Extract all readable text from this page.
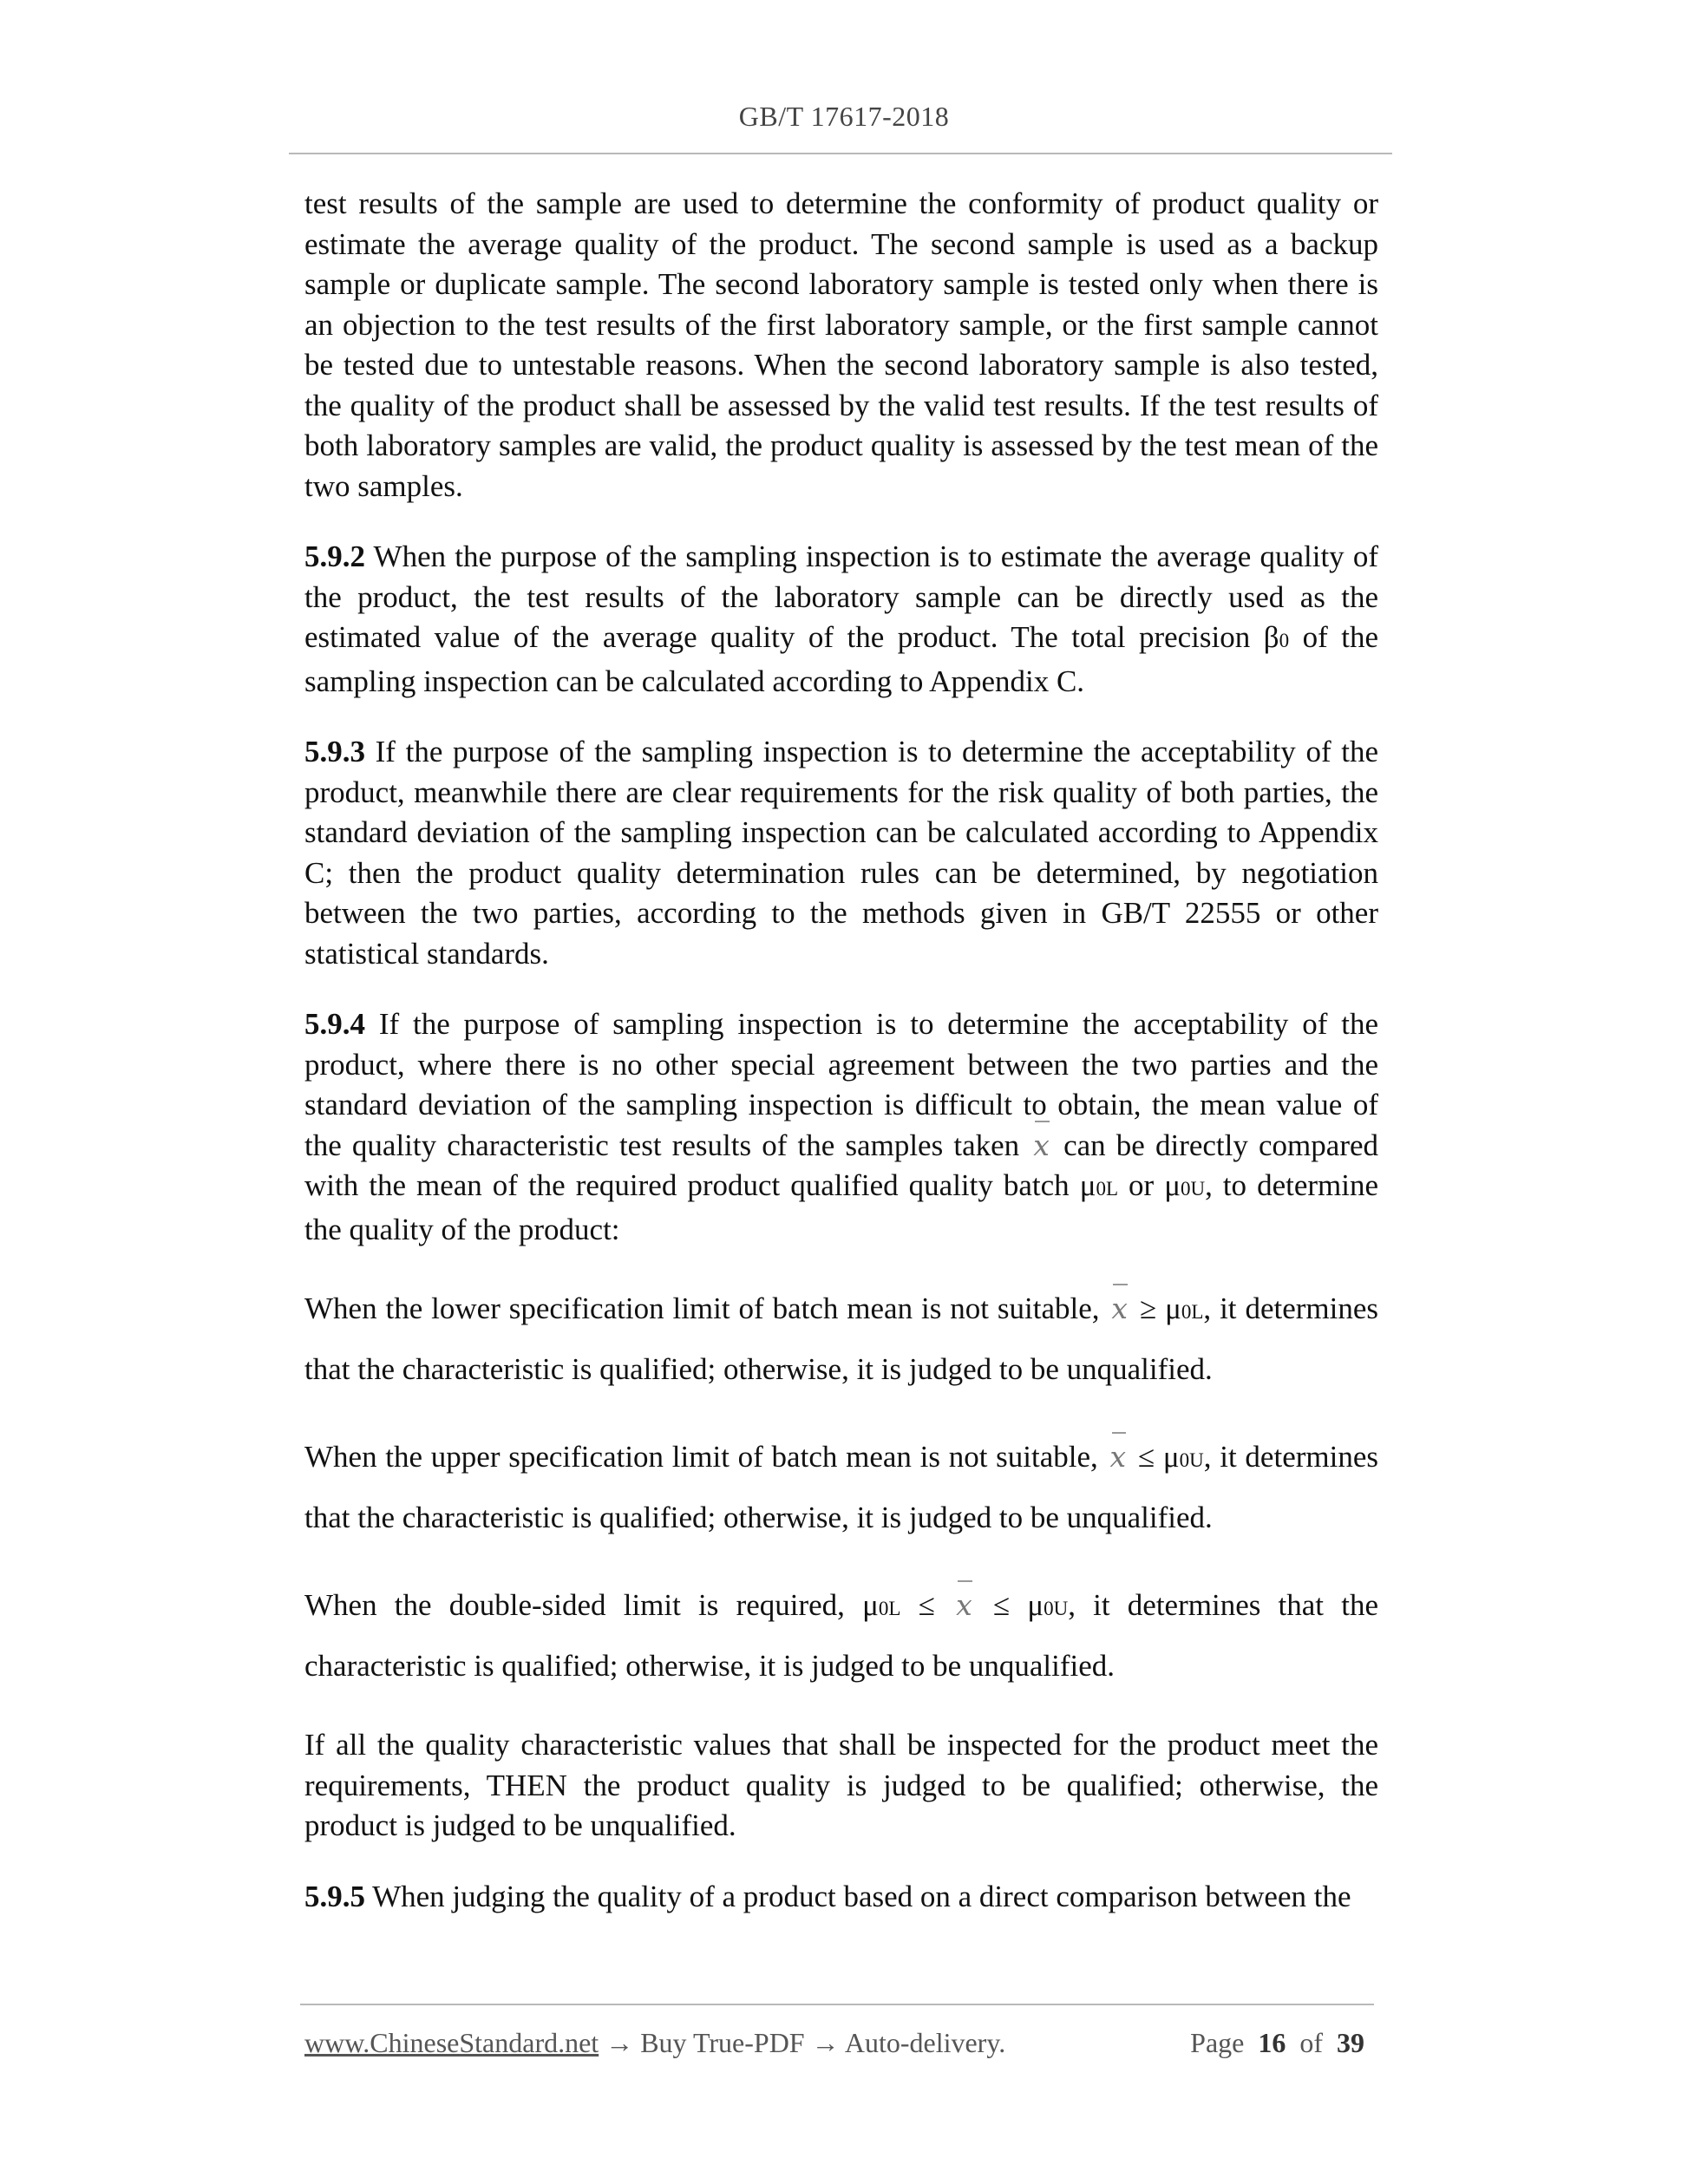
GB/T 17617-2018

test results of the sample are used to determine the conformity of product quality or estimate the average quality of the product. The second sample is used as a backup sample or duplicate sample. The second laboratory sample is tested only when there is an objection to the test results of the first laboratory sample, or the first sample cannot be tested due to untestable reasons. When the second laboratory sample is also tested, the quality of the product shall be assessed by the valid test results. If the test results of both laboratory samples are valid, the product quality is assessed by the test mean of the two samples.

5.9.2 When the purpose of the sampling inspection is to estimate the average quality of the product, the test results of the laboratory sample can be directly used as the estimated value of the average quality of the product. The total precision β0 of the sampling inspection can be calculated according to Appendix C.

5.9.3 If the purpose of the sampling inspection is to determine the acceptability of the product, meanwhile there are clear requirements for the risk quality of both parties, the standard deviation of the sampling inspection can be calculated according to Appendix C; then the product quality determination rules can be determined, by negotiation between the two parties, according to the methods given in GB/T 22555 or other statistical standards.

5.9.4 If the purpose of sampling inspection is to determine the acceptability of the product, where there is no other special agreement between the two parties and the standard deviation of the sampling inspection is difficult to obtain, the mean value of the quality characteristic test results of the samples taken x can be directly compared with the mean of the required product qualified quality batch μ0L or μ0U, to determine the quality of the product:

When the lower specification limit of batch mean is not suitable, x ≥ μ0L, it determines that the characteristic is qualified; otherwise, it is judged to be unqualified.

When the upper specification limit of batch mean is not suitable, x ≤ μ0U, it determines that the characteristic is qualified; otherwise, it is judged to be unqualified.

When the double-sided limit is required, μ0L ≤ x ≤ μ0U, it determines that the characteristic is qualified; otherwise, it is judged to be unqualified.

If all the quality characteristic values that shall be inspected for the product meet the requirements, THEN the product quality is judged to be qualified; otherwise, the product is judged to be unqualified.

5.9.5 When judging the quality of a product based on a direct comparison between the

www.ChineseStandard.net → Buy True-PDF → Auto-delivery.	Page 16 of 39
